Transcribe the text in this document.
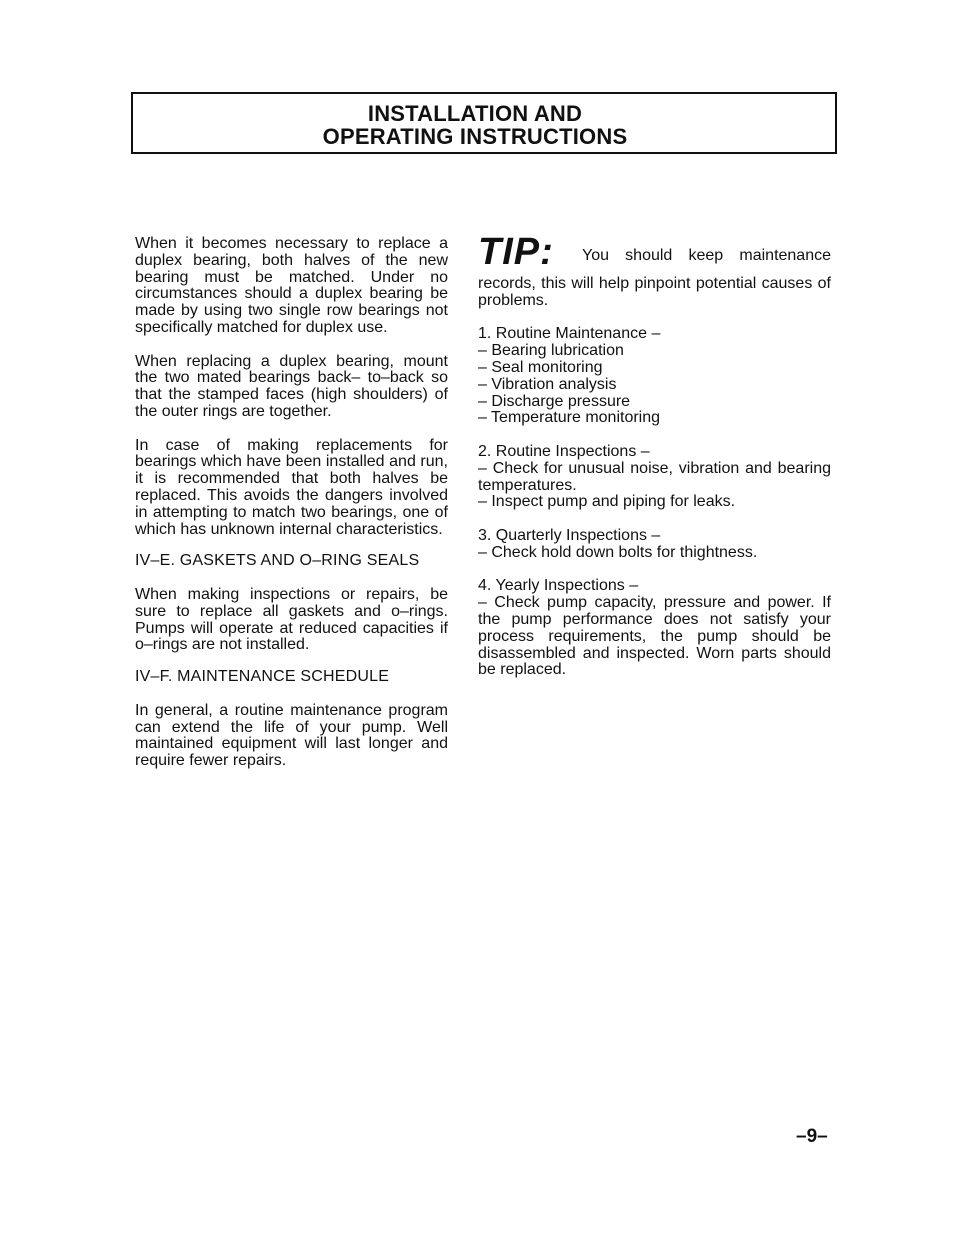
INSTALLATION AND
OPERATING INSTRUCTIONS

When it becomes necessary to replace a duplex bearing, both halves of the new bearing must be matched. Under no circumstances should a duplex bearing be made by using two single row bearings not specifically matched for duplex use.

When replacing a duplex bearing, mount the two mated bearings back– to–back so that the stamped faces (high shoulders) of the outer rings are together.

In case of making replacements for bearings which have been installed and run, it is recommended that both halves be replaced. This avoids the dangers involved in attempting to match two bearings, one of which has unknown internal characteristics.

IV–E. GASKETS AND O–RING SEALS

When making inspections or repairs, be sure to replace all gaskets and o–rings. Pumps will operate at reduced capacities if o–rings are not installed.

IV–F. MAINTENANCE SCHEDULE

In general, a routine maintenance program can extend the life of your pump. Well maintained equipment will last longer and require fewer repairs.

TIP: You should keep maintenance

records, this will help pinpoint potential causes of problems.

1. Routine Maintenance –

– Bearing lubrication

– Seal monitoring

– Vibration analysis

– Discharge pressure

– Temperature monitoring

2. Routine Inspections –

– Check for unusual noise, vibration and bearing temperatures.

– Inspect pump and piping for leaks.

3. Quarterly Inspections –

– Check hold down bolts for thightness.

4. Yearly Inspections –

– Check pump capacity, pressure and power. If the pump performance does not satisfy your process requirements, the pump should be disassembled and inspected. Worn parts should be replaced.

–9–
